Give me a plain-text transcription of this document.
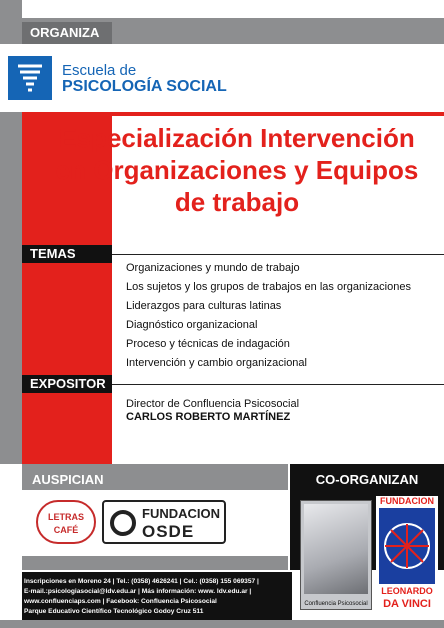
ORGANIZA
Escuela de
PSICOLOGÍA SOCIAL
Especialización Intervención
en Organizaciones y Equipos
de trabajo
TEMAS
Organizaciones y mundo de trabajo
Los sujetos y los grupos de trabajos en las organizaciones
Liderazgos para culturas latinas
Diagnóstico organizacional
Proceso y técnicas de indagación
Intervención y cambio organizacional
EXPOSITOR
Director de Confluencia Psicosocial
CARLOS ROBERTO MARTÍNEZ
AUSPICIAN	CO-ORGANIZAN
LETRAS
CAFÉ
FUNDACION
OSDE
Confluencia Psicosocial
FUNDACION
LEONARDO
DA VINCI

Inscripciones en Moreno 24 | Tel.: (0358) 4626241 | Cel.: (0358) 155 069357 |

E-mail.:psicologiasocial@ldv.edu.ar | Más información: www. ldv.edu.ar |

www.confluenciaps.com | Facebook: Confluencia Psicosocial

Parque Educativo Científico Tecnológico Godoy Cruz 511
